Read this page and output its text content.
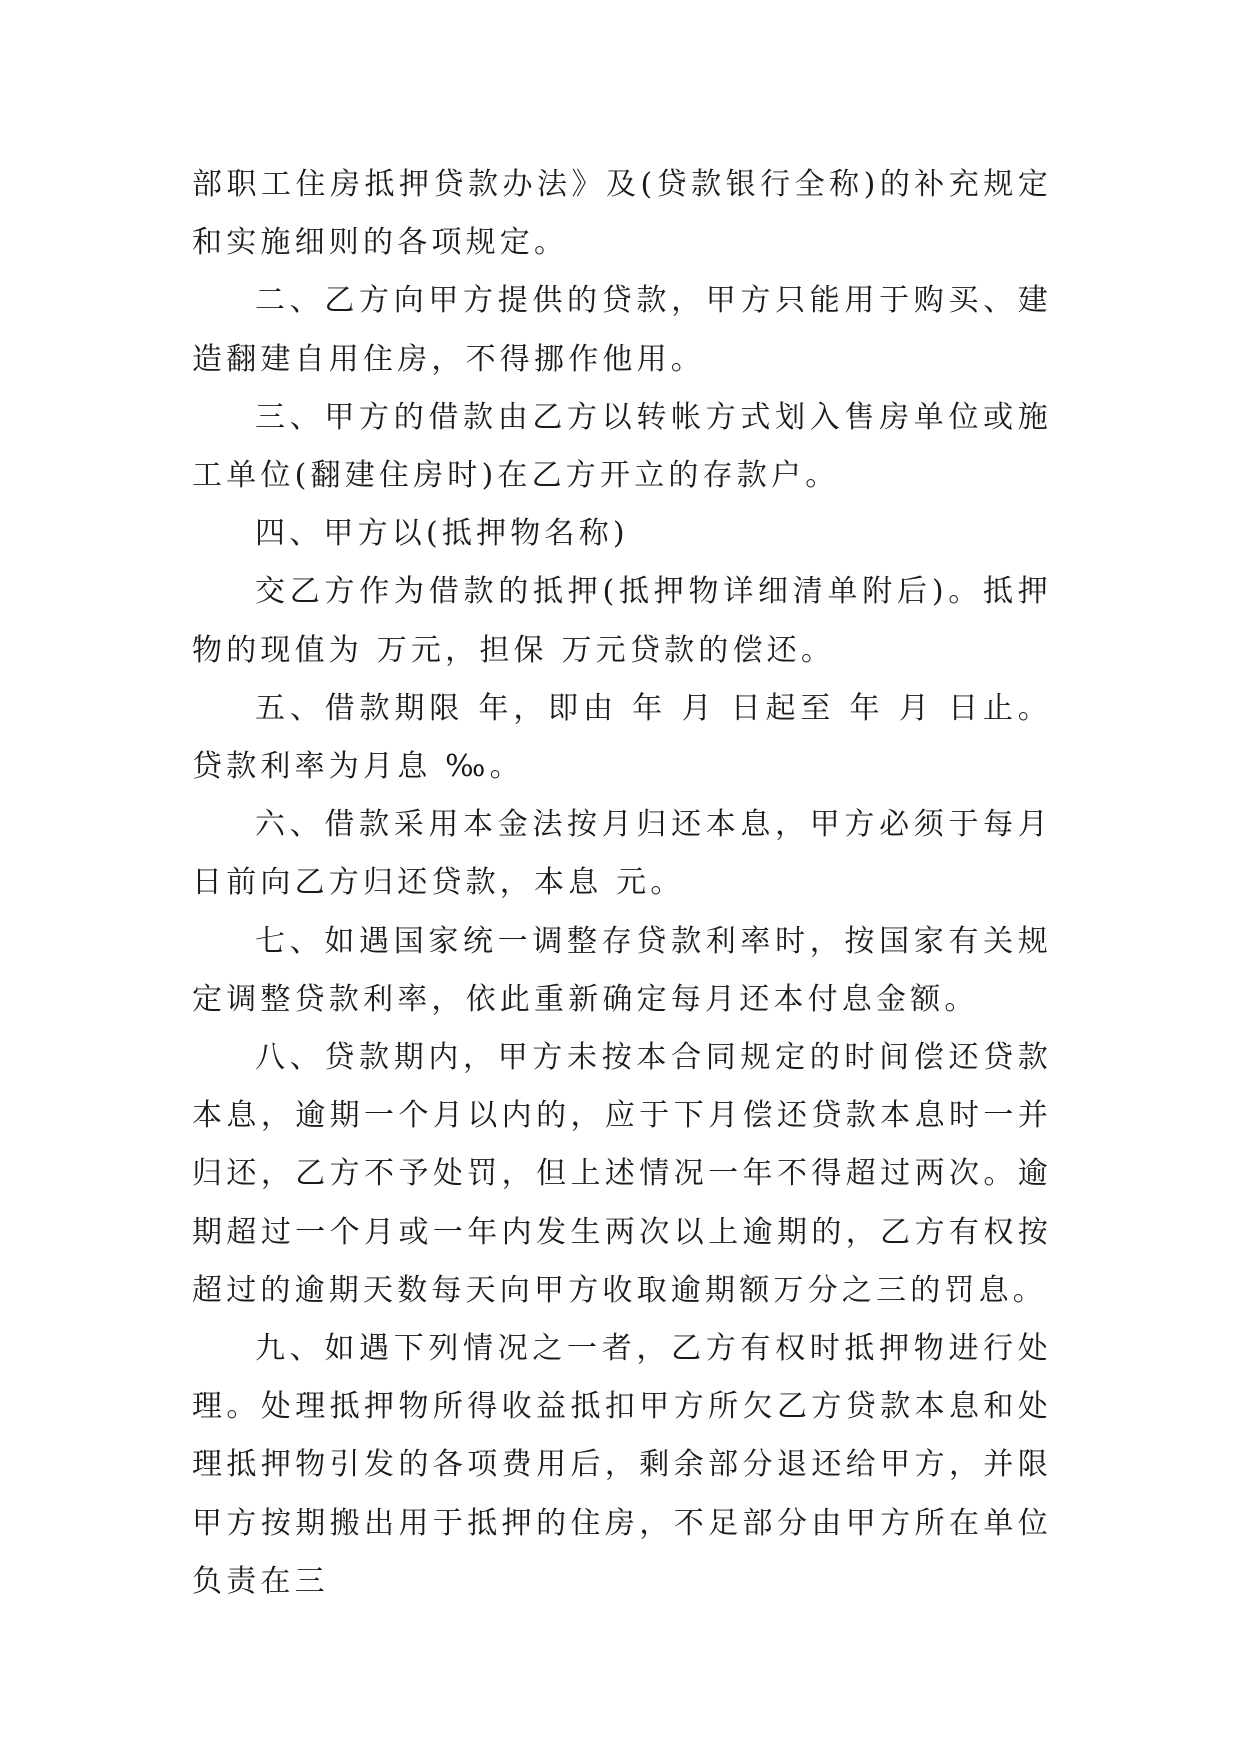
部职工住房抵押贷款办法》及(贷款银行全称)的补充规定和实施细则的各项规定。

二、乙方向甲方提供的贷款，甲方只能用于购买、建造翻建自用住房，不得挪作他用。

三、甲方的借款由乙方以转帐方式划入售房单位或施工单位(翻建住房时)在乙方开立的存款户。

四、甲方以(抵押物名称)

交乙方作为借款的抵押(抵押物详细清单附后)。抵押物的现值为 万元，担保 万元贷款的偿还。

五、借款期限 年，即由 年 月 日起至 年 月 日止。贷款利率为月息 ‰。

六、借款采用本金法按月归还本息，甲方必须于每月日前向乙方归还贷款，本息 元。

七、如遇国家统一调整存贷款利率时，按国家有关规定调整贷款利率，依此重新确定每月还本付息金额。

八、贷款期内，甲方未按本合同规定的时间偿还贷款本息，逾期一个月以内的，应于下月偿还贷款本息时一并归还，乙方不予处罚，但上述情况一年不得超过两次。逾期超过一个月或一年内发生两次以上逾期的，乙方有权按超过的逾期天数每天向甲方收取逾期额万分之三的罚息。

九、如遇下列情况之一者，乙方有权时抵押物进行处理。处理抵押物所得收益抵扣甲方所欠乙方贷款本息和处理抵押物引发的各项费用后，剩余部分退还给甲方，并限甲方按期搬出用于抵押的住房，不足部分由甲方所在单位负责在三
